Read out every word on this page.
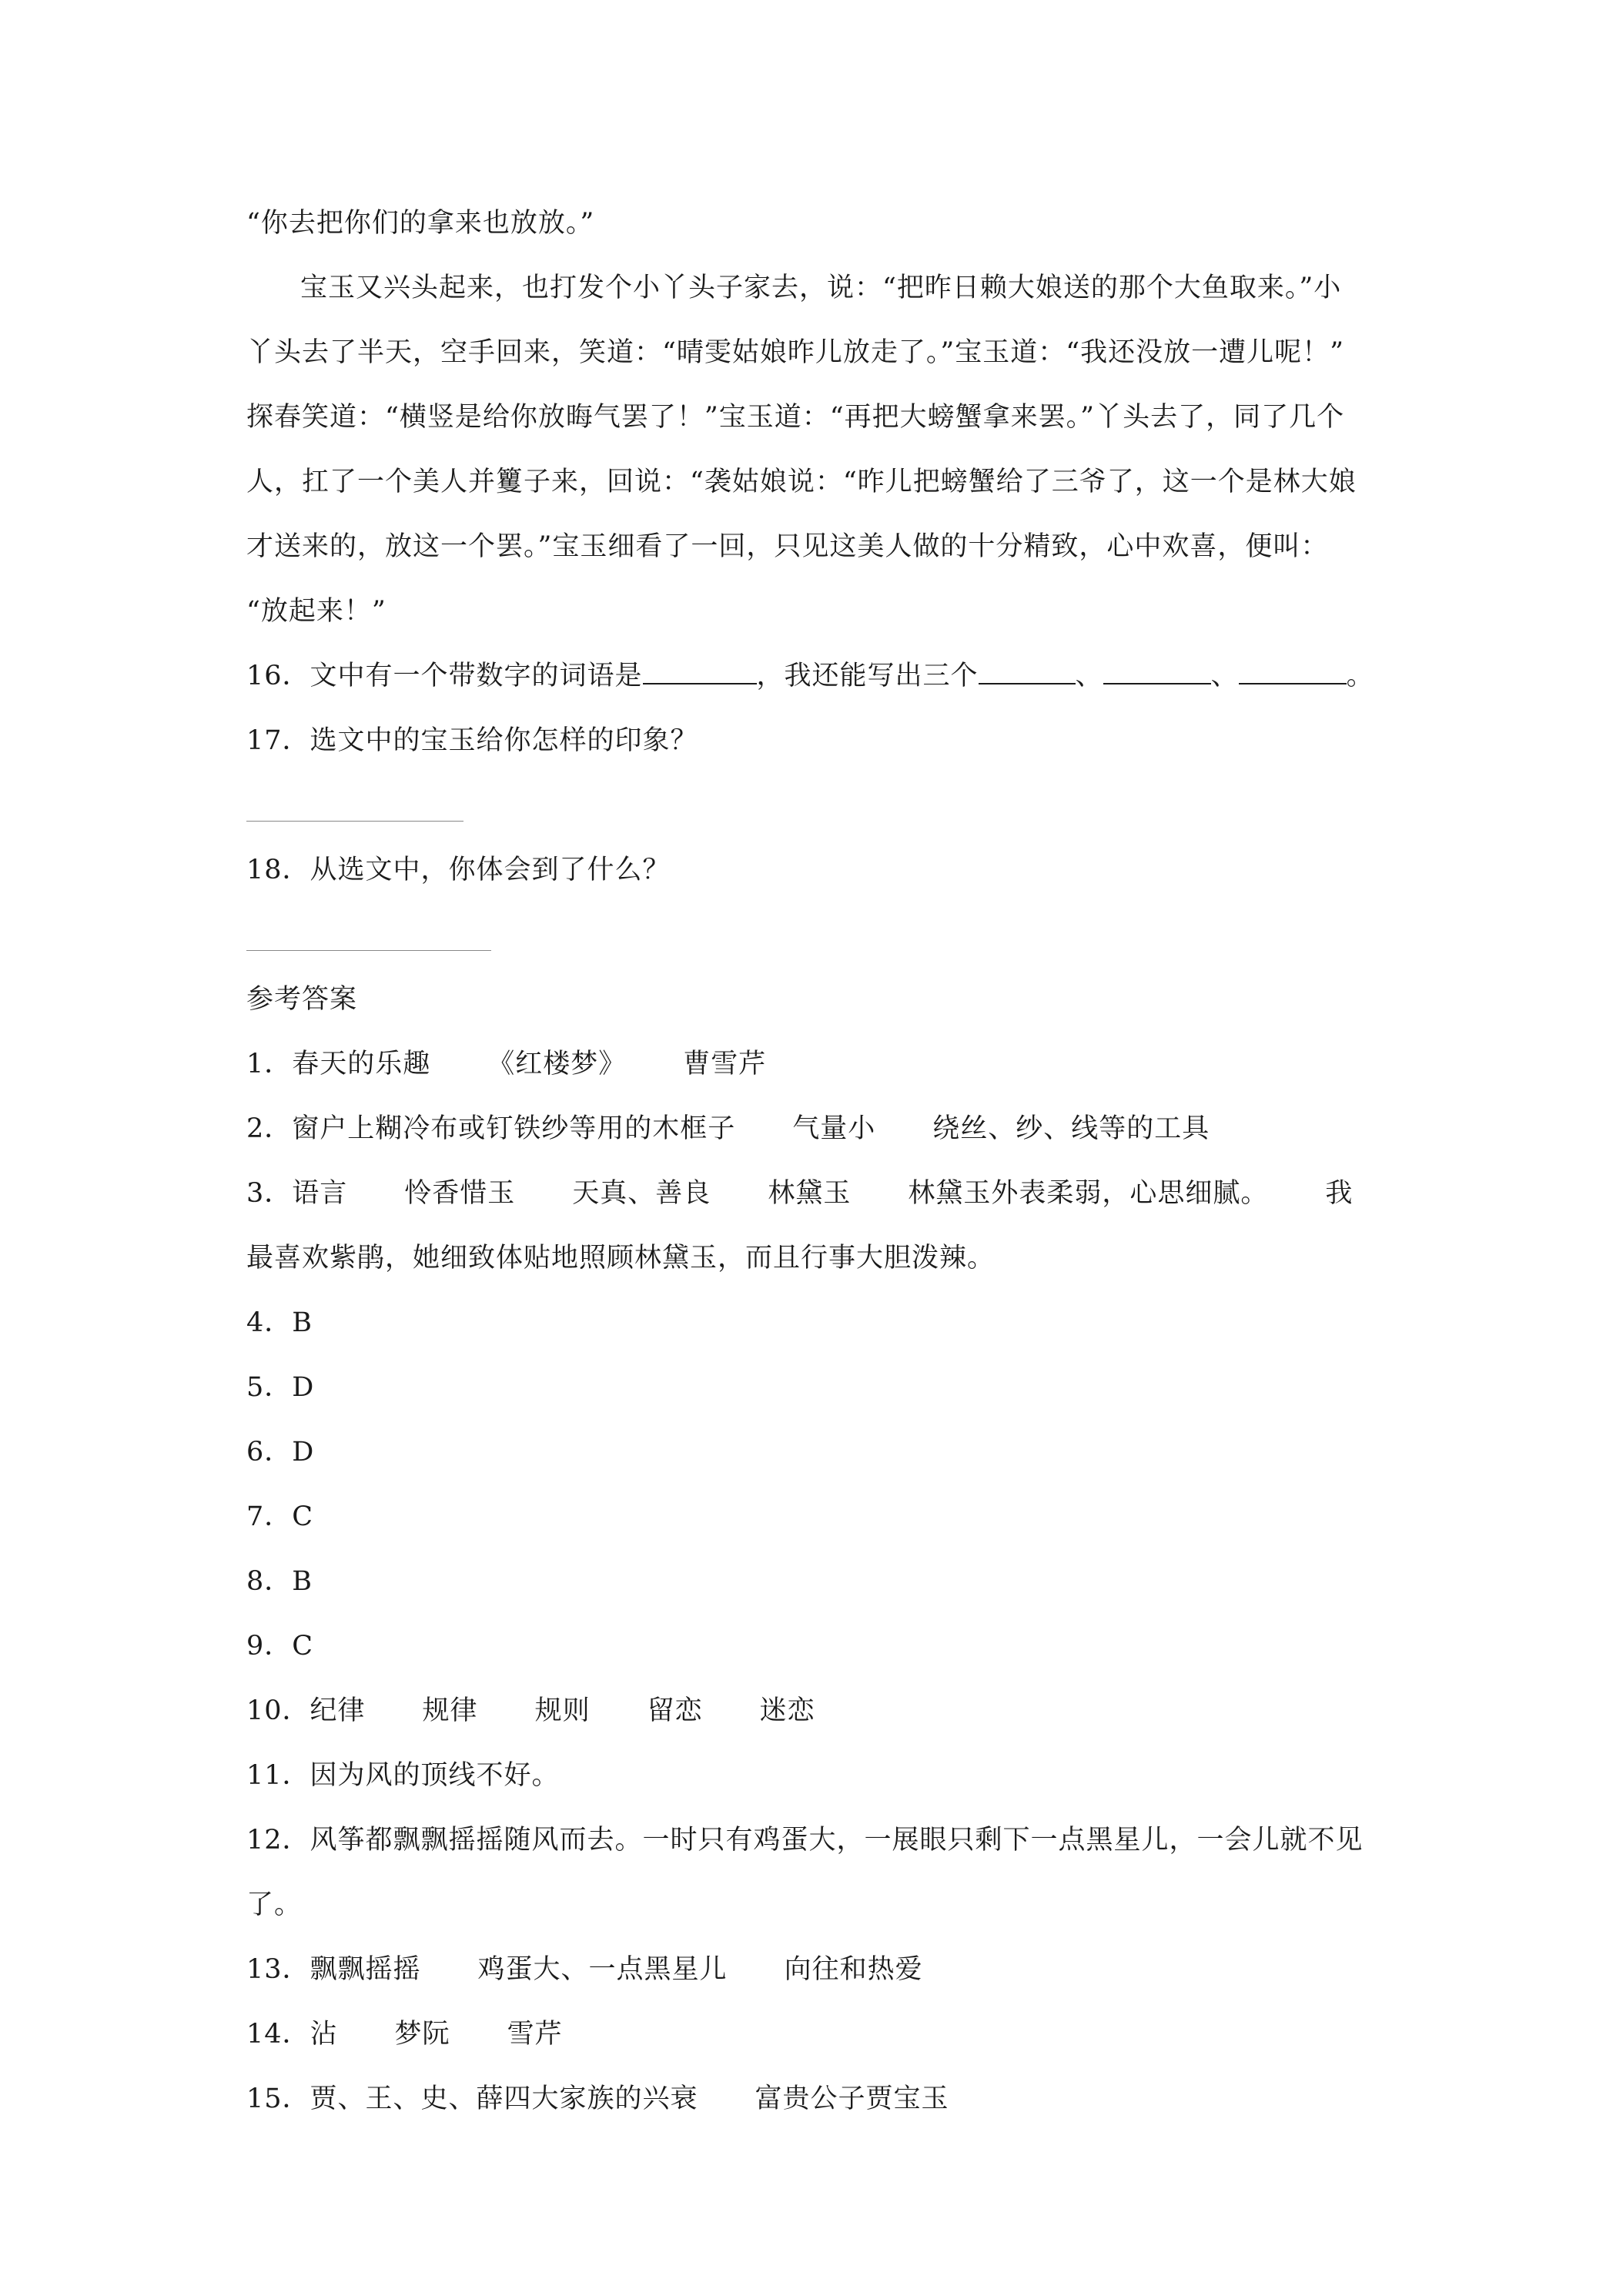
“你去把你们的拿来也放放。”
宝玉又兴头起来，也打发个小丫头子家去，说：“把昨日赖大娘送的那个大鱼取来。”小
丫头去了半天，空手回来，笑道：“晴雯姑娘昨儿放走了。”宝玉道：“我还没放一遭儿呢！”
探春笑道：“横竖是给你放晦气罢了！”宝玉道：“再把大螃蟹拿来罢。”丫头去了，同了几个
人，扛了一个美人并籰子来，回说：“袭姑娘说：“昨儿把螃蟹给了三爷了，这一个是林大娘
才送来的，放这一个罢。”宝玉细看了一回，只见这美人做的十分精致，心中欢喜，便叫：
“放起来！”
16．文中有一个带数字的词语是	，我还能写出三个	、	、	。
17．选文中的宝玉给你怎样的印象？
18．从选文中，你体会到了什么？
参考答案
1．春天的乐趣 《红楼梦》 曹雪芹
2．窗户上糊冷布或钉铁纱等用的木框子 气量小 绕丝、纱、线等的工具
3．语言 怜香惜玉 天真、善良 林黛玉 林黛玉外表柔弱，心思细腻。 我
最喜欢紫鹃，她细致体贴地照顾林黛玉，而且行事大胆泼辣。
4．B
5．D
6．D
7．C
8．B
9．C
10．纪律 规律 规则 留恋 迷恋
11．因为风的顶线不好。
12．风筝都飘飘摇摇随风而去。一时只有鸡蛋大，一展眼只剩下一点黑星儿，一会儿就不见
了。
13．飘飘摇摇 鸡蛋大、一点黑星儿 向往和热爱
14．沾 梦阮 雪芹
15．贾、王、史、薛四大家族的兴衰 富贵公子贾宝玉
